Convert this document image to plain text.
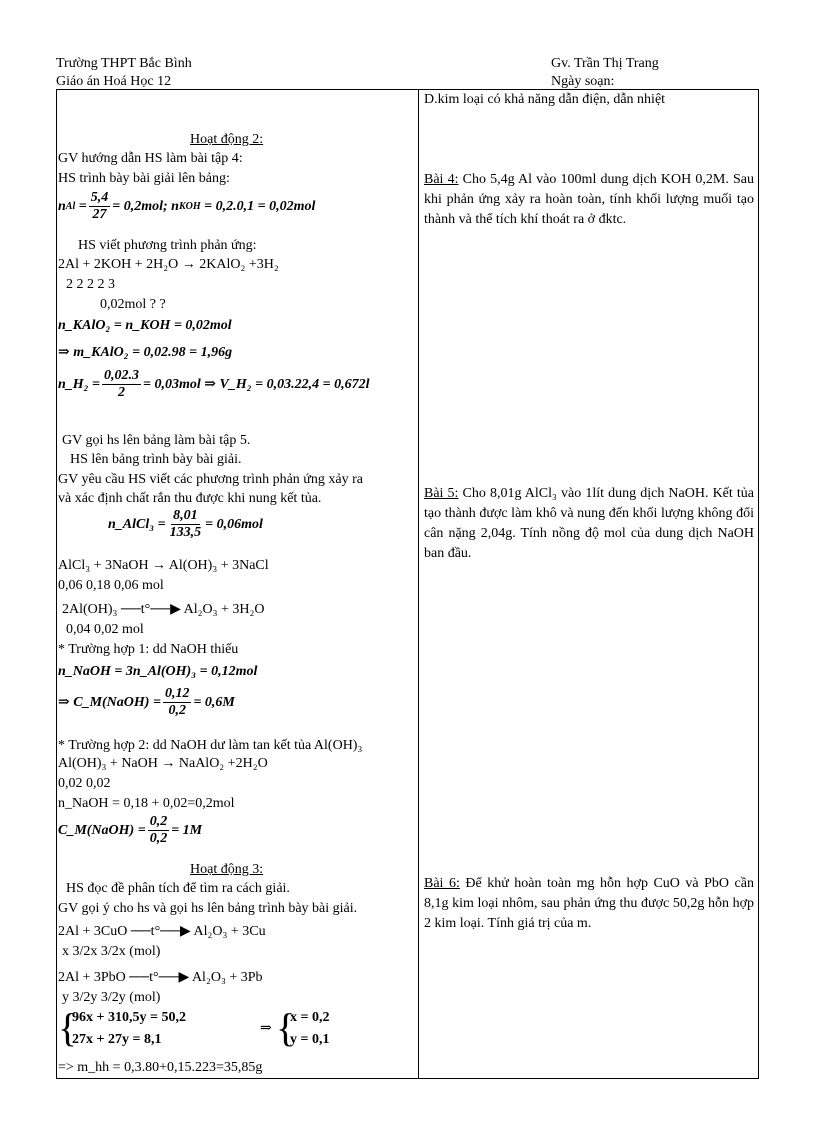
Trường THPT Bắc Bình
Giáo án Hoá Học 12
Gv. Trần Thị Trang
Ngày soạn:
D.kim loại có khả năng dẫn điện, dẫn nhiệt
Bài 4: Cho 5,4g Al vào 100ml dung dịch KOH 0,2M. Sau khi phản ứng xảy ra hoàn toàn, tính khối lượng muối tạo thành và thể tích khí thoát ra ở đktc.
Bài 5: Cho 8,01g AlCl₃ vào 1lít dung dịch NaOH. Kết tủa tạo thành được làm khô và nung đến khối lượng không đổi cân nặng 2,04g. Tính nồng độ mol của dung dịch NaOH ban đầu.
Bài 6: Để khử hoàn toàn mg hỗn hợp CuO và PbO cần 8,1g kim loại nhôm, sau phản ứng thu được 50,2g hỗn hợp 2 kim loại. Tính giá trị của m.
Hoạt động 2:
GV hướng dẫn HS làm bài tập 4:
HS trình bày bài giải lên bảng:
n $Al = \frac{5,4}{27} = 0,2mol$; n KOH
= 0,2.0,1 = 0,02mol
HS viết phương trình phản ứng:
2Al + 2KOH + 2H₂O → 2KAlO₂ +3H₂
2 2 2 2 3
0,02mol ? ?
n_KAlO₂ = n_KOH = 0,02mol
⇒ m_KAlO₂ = 0,02.98 = 1,96g
n_H₂ = $\frac{0,02.3}{2} = 0,03mol$ ⇒ V_H₂ = 0,03.22,4 = 0,672l
GV gọi hs lên bảng làm bài tập 5.
HS lên bảng trình bày bài giải.
GV yêu cầu HS viết các phương trình phản ứng xảy ra
và xác định chất rắn thu được khi nung kết tủa.
n_AlCl₃ = $\frac{8,01}{133,5} = 0,06mol$
AlCl₃ + 3NaOH → Al(OH)₃ + 3NaCl
0,06 0,18 0,06 mol
2Al(OH)₃ ──t°──▶ Al₂O₃ + 3H₂O
0,04 0,02 mol
* Trường hợp 1: dd NaOH thiếu
n_NaOH = 3n_Al(OH)₃ = 0,12mol
⇒ C_M(NaOH) = $\frac{0,12}{0,2} = 0,6M$
* Trường hợp 2: dd NaOH dư làm tan kết tủa Al(OH)₃
Al(OH)₃ + NaOH → NaAlO₂ +2H₂O
0,02 0,02
n_NaOH = 0,18 + 0,02=0,2mol
C_M(NaOH) = $\frac{0,2}{0,2} = 1M$
Hoạt động 3:
HS đọc đề phân tích để tìm ra cách giải.
GV gọi ý cho hs và gọi hs lên bảng trình bày bài giải.
2Al + 3CuO ──t°──▶ Al₂O₃ + 3Cu
x 3/2x 3/2x (mol)
2Al + 3PbO ──t°──▶ Al₂O₃ + 3Pb
y 3/2y 3/2y (mol)
{
96x + 310,5y = 50,2
27x + 27y = 8,1
⇒ {
x = 0,2
y = 0,1
=> m_hh = 0,3.80+0,15.223=35,85g
